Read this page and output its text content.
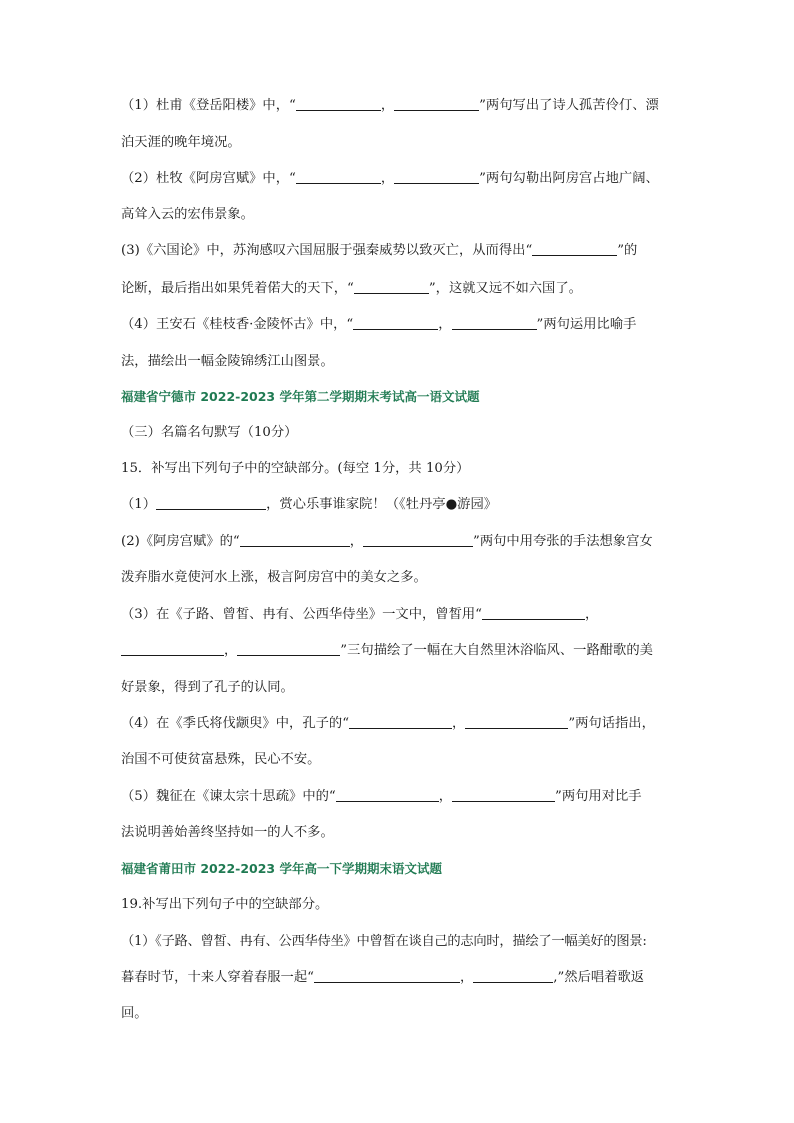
（1）杜甫《登岳阳楼》中，“	，	”两句写出了诗人孤苦伶仃、漂
泊天涯的晚年境况。
（2）杜牧《阿房宫赋》中，“	，	”两句勾勒出阿房宫占地广阔、
高耸入云的宏伟景象。
(3)《六国论》中，苏洵感叹六国屈服于强秦威势以致灭亡，从而得出“	”的
论断，最后指出如果凭着偌大的天下，“	”，这就又远不如六国了。
（4）王安石《桂枝香·金陵怀古》中，“	，	”两句运用比喻手
法，描绘出一幅金陵锦绣江山图景。
福建省宁德市 2022-2023 学年第二学期期末考试高一语文试题
（三）名篇名句默写（10分）
15．补写出下列句子中的空缺部分。(每空 1分，共 10分）
（1）	，赏心乐事谁家院！（《牡丹亭●游园》
(2)《阿房宫赋》的“	，	”两句中用夸张的手法想象宫女
泼弃脂水竟使河水上涨，极言阿房宫中的美女之多。
（3）在《子路、曾皙、冉有、公西华侍坐》一文中，曾皙用“	，
，	”三句描绘了一幅在大自然里沐浴临风、一路酣歌的美
好景象，得到了孔子的认同。
（4）在《季氏将伐颛臾》中，孔子的“	，	”两句话指出，
治国不可使贫富悬殊，民心不安。
（5）魏征在《谏太宗十思疏》中的“	，	”两句用对比手
法说明善始善终坚持如一的人不多。
福建省莆田市 2022-2023 学年高一下学期期末语文试题
19.补写出下列句子中的空缺部分。
（1）《子路、曾皙、冉有、公西华侍坐》中曾皙在谈自己的志向时，描绘了一幅美好的图景:
暮春时节，十来人穿着春服一起“	，	,”然后唱着歌返
回。
